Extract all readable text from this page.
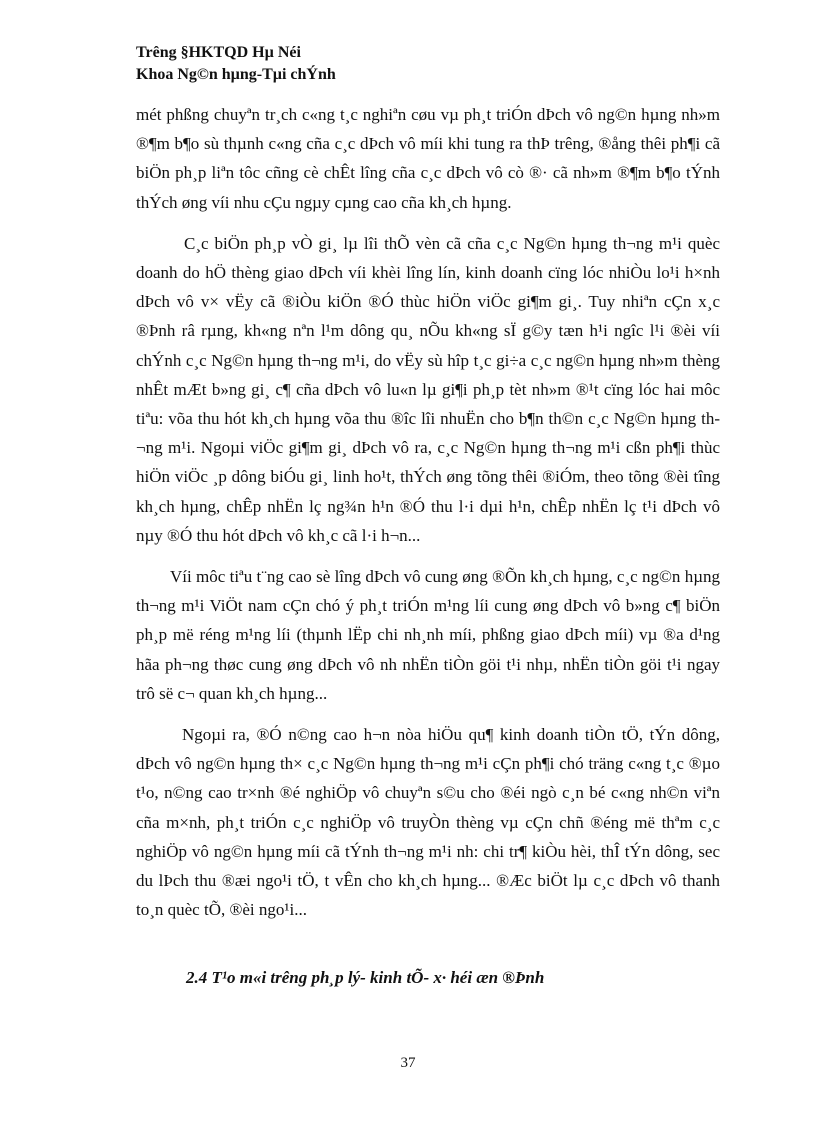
Trêng §HKTQD Hµ Néi
Khoa Ng©n hµng-Tµi chÝnh

mét phßng chuyªn tr¸ch c«ng t¸c nghiªn cøu vµ ph¸t triÓn dÞch vô ng©n hµng nh»m ®¶m b¶o sù thµnh c«ng cña c¸c dÞch vô míi khi tung ra thÞ trêng, ®ång thêi ph¶i cã biÖn ph¸p liªn tôc cñng cè chÊt lîng cña c¸c dÞch vô cò ®· cã nh»m ®¶m b¶o tÝnh thÝch øng víi nhu cÇu ngµy cµng cao cña kh¸ch hµng.

C¸c biÖn ph¸p vÒ gi¸ lµ lîi thÕ vèn cã cña c¸c Ng©n hµng th¬ng m¹i quèc doanh do hÖ thèng giao dÞch víi khèi lîng lín, kinh doanh cïng lóc nhiÒu lo¹i h×nh dÞch vô v× vËy cã ®iÒu kiÖn ®Ó thùc hiÖn viÖc gi¶m gi¸. Tuy nhiªn cÇn x¸c ®Þnh râ rµng, kh«ng nªn l¹m dông qu¸ nÕu kh«ng sÏ g©y tæn h¹i ngîc l¹i ®èi víi chÝnh c¸c Ng©n hµng th¬ng m¹i, do vËy sù hîp t¸c gi÷a c¸c ng©n hµng nh»m thèng nhÊt mÆt b»ng gi¸ c¶ cña dÞch vô lu«n lµ gi¶i ph¸p tèt nh»m ®¹t cïng lóc hai môc tiªu: võa thu hót kh¸ch hµng võa thu ®îc lîi nhuËn cho b¶n th©n c¸c Ng©n hµng th¬ng m¹i. Ngoµi viÖc gi¶m gi¸ dÞch vô ra, c¸c Ng©n hµng th¬ng m¹i cßn ph¶i thùc hiÖn viÖc ¸p dông biÓu gi¸ linh ho¹t, thÝch øng tõng thêi ®iÓm, theo tõng ®èi tîng kh¸ch hµng, chÊp nhËn lç ng¾n h¹n ®Ó thu l·i dµi h¹n, chÊp nhËn lç t¹i dÞch vô nµy ®Ó thu hót dÞch vô kh¸c cã l·i h¬n...

Víi môc tiªu t¨ng cao sè lîng dÞch vô cung øng ®Õn kh¸ch hµng, c¸c ng©n hµng th¬ng m¹i ViÖt nam cÇn chó ý ph¸t triÓn m¹ng líi cung øng dÞch vô b»ng c¶ biÖn ph¸p më réng m¹ng líi (thµnh lËp chi nh¸nh míi, phßng giao dÞch míi) vµ ®a d¹ng hãa ph¬ng thøc cung øng dÞch vô nh nhËn tiÒn göi t¹i nhµ, nhËn tiÒn göi t¹i ngay trô së c¬ quan kh¸ch hµng...

Ngoµi ra, ®Ó n©ng cao h¬n nòa hiÖu qu¶ kinh doanh tiÒn tÖ, tÝn dông, dÞch vô ng©n hµng th× c¸c Ng©n hµng th¬ng m¹i cÇn ph¶i chó träng c«ng t¸c ®µo t¹o, n©ng cao tr×nh ®é nghiÖp vô chuyªn s©u cho ®éi ngò c¸n bé c«ng nh©n viªn cña m×nh, ph¸t triÓn c¸c nghiÖp vô truyÒn thèng vµ cÇn chñ ®éng më thªm c¸c nghiÖp vô ng©n hµng míi cã tÝnh th¬ng m¹i nh: chi tr¶ kiÒu hèi, thÎ tÝn dông, sec du lÞch thu ®æi ngo¹i tÖ, t vÊn cho kh¸ch hµng... ®Æc biÖt lµ c¸c dÞch vô thanh to¸n quèc tÕ, ®èi ngo¹i...

2.4 T¹o m«i trêng ph¸p lý- kinh tÕ- x· héi æn ®Þnh
37
